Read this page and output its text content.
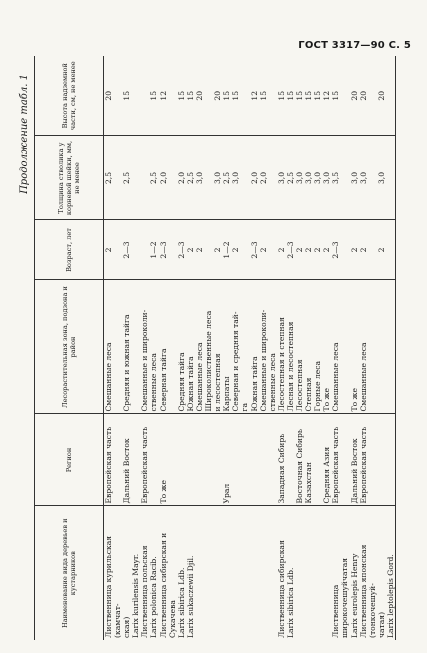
ГОСТ 3317—90 С. 5
Продолжение табл. 1
Наименование вида деревьев и кустарников	Регион	Лесорастительная зона, подзона и район	Возраст, лет	Толщина стволика у корневой шейки, мм, не менее	Высота надземной части, см, не менее
Лиственница курильская (камчат-	Европейская часть	Смешанные леса	2	2,5	20
ская)	Дальний Восток	Средняя и южная тайга	2—3	2,5	15
Larix kurilensis Mayr.					
Лиственница польская	Европейская часть	Смешанные и широколи-			
Larix polonica Racib.		ственные леса	1—2	2,5	15
Лиственница сибирская и Сукачева	То же	Северная тайга	2—3	2,0	12
Larix sibirica Ldb.		Средняя тайга	2—3	2,0	15
Larix sukaczewii Djil.		Южная тайга	2	2,5	15
		Смешанные леса	2	3,0	20
		Широколиственные леса			
		и лесостепная	2	3,0	20
	Урал	Карпаты	1—2	2,5	15
		Северная и средняя тай-	2	3,0	15
		га			
		Южная тайга	2—3	2,0	12
		Смешанные и широколи-	2	2,0	15
		ственные леса			
Лиственница сибирская	Западная Сибирь	Лесостепная и степная	2	3,0	15
Larix sibirica Ldb.		Лесная и лесостепная	2—3	2,5	15
	Восточная Сибирь	Лесостепная	2	3,0	15
	Казахстан	Степная	2	3,0	15
		Горные леса	2	3,0	15
	Средняя Азия	То же	2	3,0	12
Лиственница широкочешуйчатая	Европейская часть	Смешанные леса	2—3	3,5	15
Larix eurolepis Henry	Дальний Восток	То же	2	3,0	20
Лиственница японская (тонкочешуй-	Европейская часть	Смешанные леса	2	3,0	20
чатая)			2	3,0	20
Larix leptolepis Gord.					
